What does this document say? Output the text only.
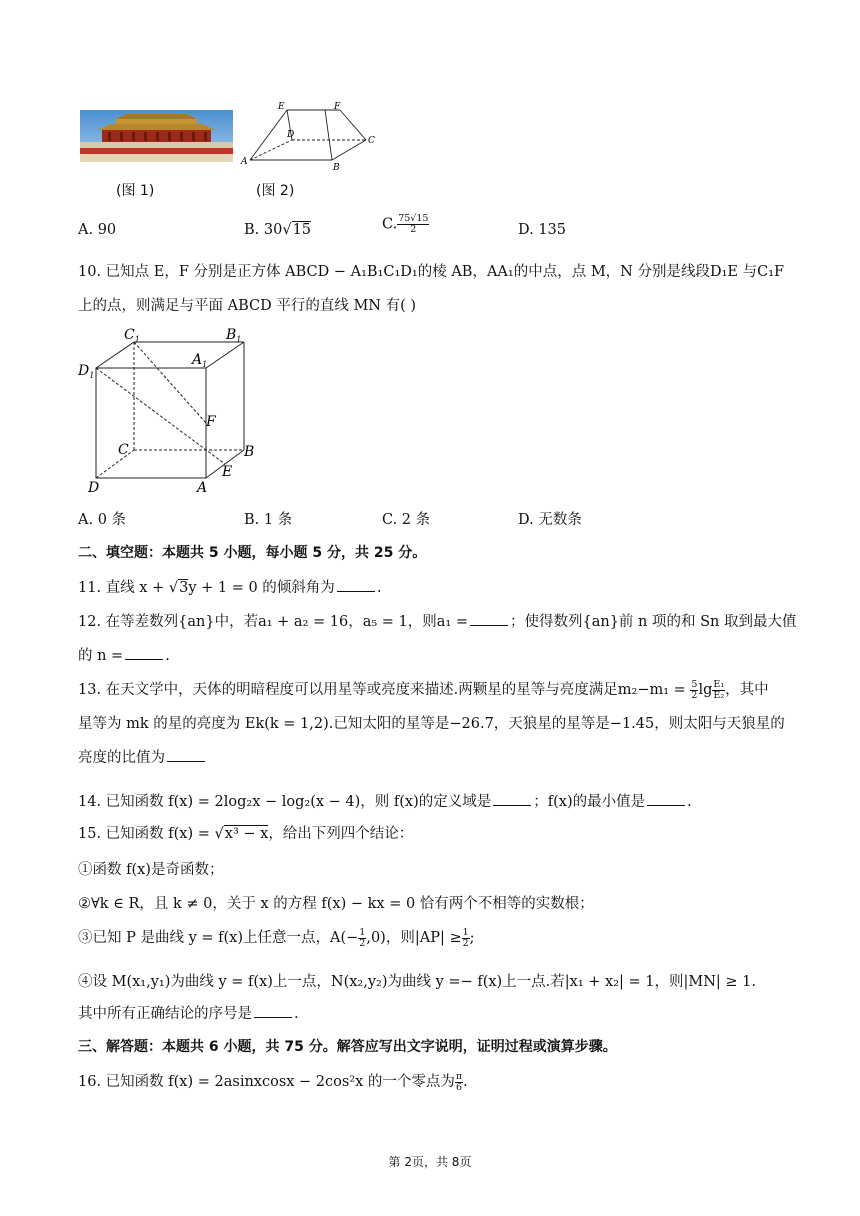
E	F
D
C
A
B
(图 1)	(图 2)
A. 90	B. 30√15	C. $\frac{75√15}{2}$	D. 135
10. 已知点 E，F 分别是正方体 ABCD − A₁B₁C₁D₁的棱 AB，AA₁的中点，点 M，N 分别是线段D₁E 与C₁F
上的点，则满足与平面 ABCD 平行的直线 MN 有( )
$C_1$	$B_1$
$D_1$
$A_1$
F
C	B
E
D	A
A. 0 条	B. 1 条	C. 2 条	D. 无数条
二、填空题：本题共 5 小题，每小题 5 分，共 25 分。
11. 直线 x + √3y + 1 = 0 的倾斜角为	.
12. 在等差数列{an}中，若a₁ + a₂ = 16，a₅ = 1，则a₁ =	；使得数列{an}前 n 项的和 Sn 取到最大值
的 n =	.
13. 在天文学中，天体的明暗程度可以用星等或亮度来描述.两颗星的星等与亮度满足$m_2-m_1 = \frac{5}{2}$ $\lg \frac{\text{E₁}}{\text{E₂}}$ ，其中
星等为 mk 的星的亮度为 Ek(k = 1,2).已知太阳的星等是−26.7，天狼星的星等是−1.45，则太阳与天狼星的
亮度的比值为
14. 已知函数 f(x) = 2log₂x − log₂(x − 4)，则 f(x)的定义域是	；f(x)的最小值是	.
15. 已知函数 f(x) = √x³ − x，给出下列四个结论：
①函数 f(x)是奇函数；
②∀k ∈ R，且 k ≠ 0，关于 x 的方程 f(x) − kx = 0 恰有两个不相等的实数根；
③已知 P 是曲线 y = f(x)上任意一点，$A(- \frac{1}{2} ,0)$，则$|AP| \ge \frac{1}{2}$ ;
④设 M(x₁,y₁)为曲线 y = f(x)上一点，N(x₂,y₂)为曲线 y =− f(x)上一点.若|x₁ + x₂| = 1，则|MN| ≥ 1.
其中所有正确结论的序号是	.
三、解答题：本题共 6 小题，共 75 分。解答应写出文字说明，证明过程或演算步骤。
16. 已知函数 f(x) = 2asinxcosx − 2cos²x 的一个零点为 $\frac{\pi}{6}$ .
第 2页，共 8页
